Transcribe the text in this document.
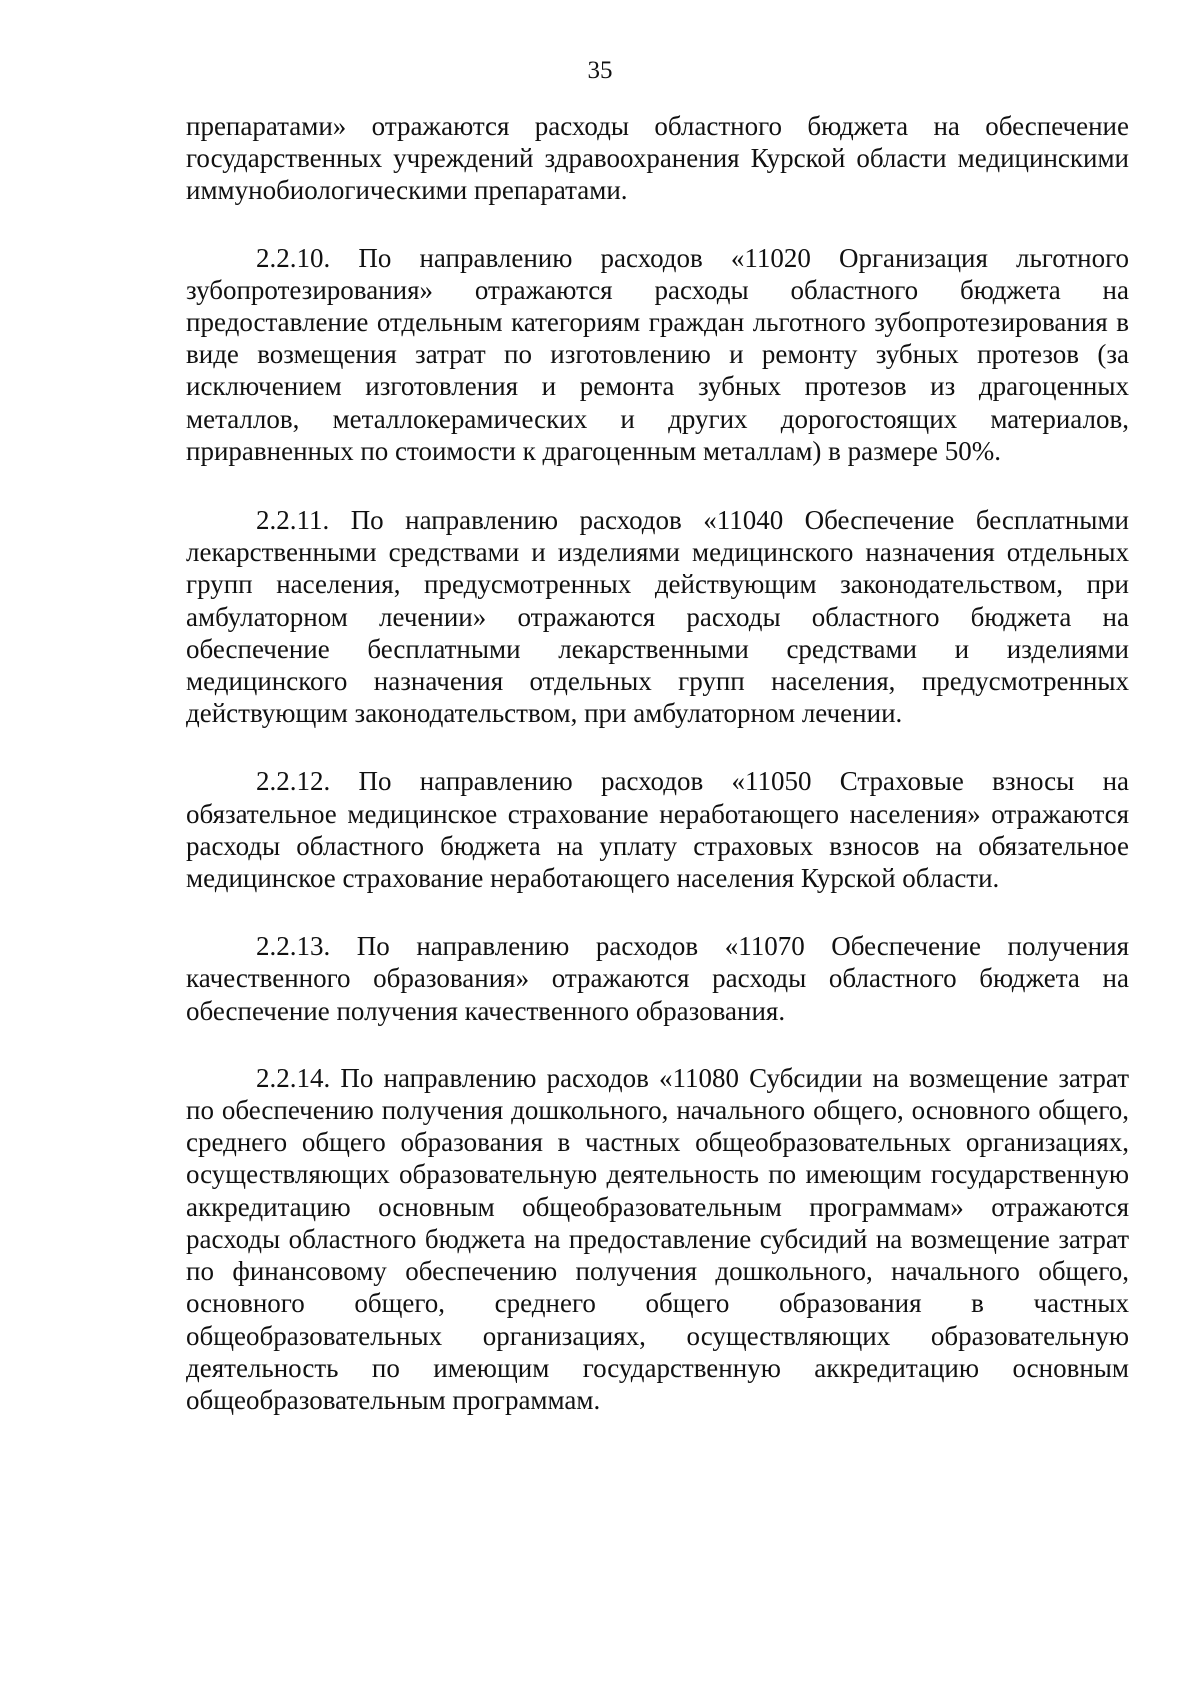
35

препаратами» отражаются расходы областного бюджета на обеспечение государственных учреждений здравоохранения Курской области медицинскими иммунобиологическими препаратами.

2.2.10. По направлению расходов «11020 Организация льготного зубопротезирования» отражаются расходы областного бюджета на предоставление отдельным категориям граждан льготного зубопротезирования в виде возмещения затрат по изготовлению и ремонту зубных протезов (за исключением изготовления и ремонта зубных протезов из драгоценных металлов, металлокерамических и других дорогостоящих материалов, приравненных по стоимости к драгоценным металлам) в размере 50%.

2.2.11. По направлению расходов «11040 Обеспечение бесплатными лекарственными средствами и изделиями медицинского назначения отдельных групп населения, предусмотренных действующим законодательством, при амбулаторном лечении» отражаются расходы областного бюджета на обеспечение бесплатными лекарственными средствами и изделиями медицинского назначения отдельных групп населения, предусмотренных действующим законодательством, при амбулаторном лечении.

2.2.12. По направлению расходов «11050 Страховые взносы на обязательное медицинское страхование неработающего населения» отражаются расходы областного бюджета на уплату страховых взносов на обязательное медицинское страхование неработающего населения Курской области.

2.2.13. По направлению расходов «11070 Обеспечение получения качественного образования» отражаются расходы областного бюджета на обеспечение получения качественного образования.

2.2.14. По направлению расходов «11080 Субсидии на возмещение затрат по обеспечению получения дошкольного, начального общего, основного общего, среднего общего образования в частных общеобразовательных организациях, осуществляющих образовательную деятельность по имеющим государственную аккредитацию основным общеобразовательным программам» отражаются расходы областного бюджета на предоставление субсидий на возмещение затрат по финансовому обеспечению получения дошкольного, начального общего, основного общего, среднего общего образования в частных общеобразовательных организациях, осуществляющих образовательную деятельность по имеющим государственную аккредитацию основным общеобразовательным программам.
